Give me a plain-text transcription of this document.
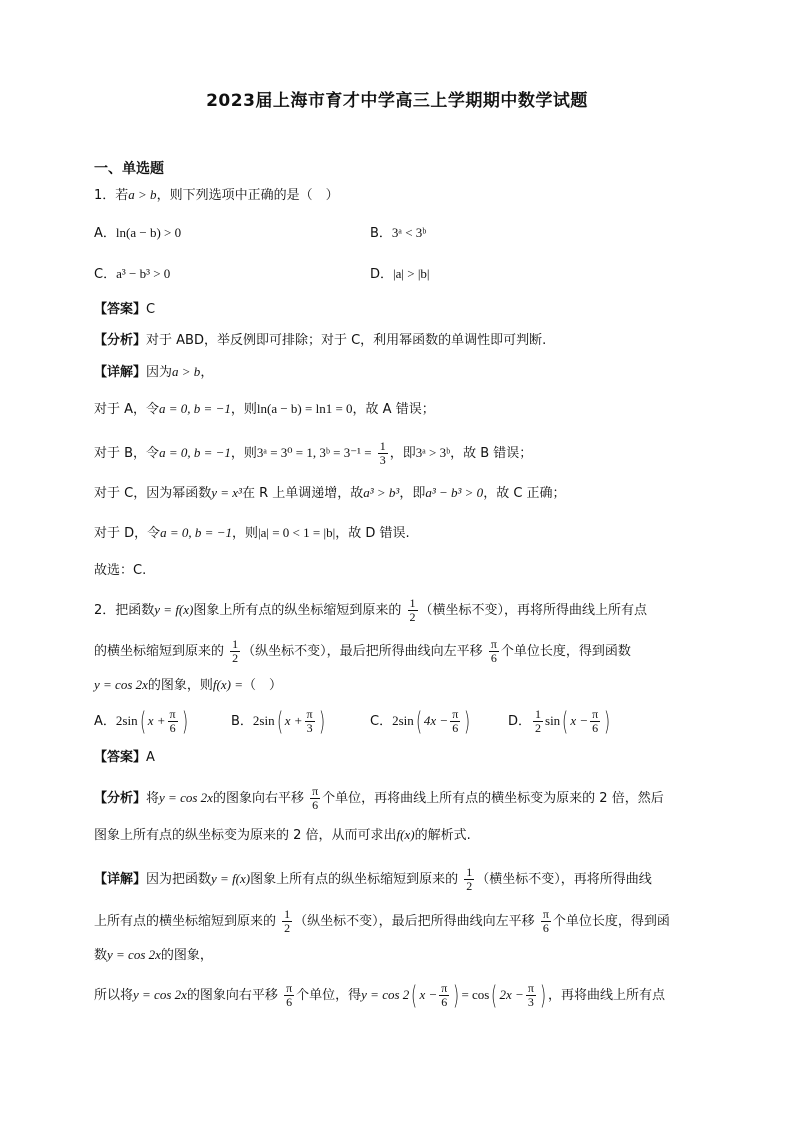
2023届上海市育才中学高三上学期期中数学试题
一、单选题
1．若a > b，则下列选项中正确的是（　）
A．ln(a − b) > 0	B．3ᵃ < 3ᵇ
C．a³ − b³ > 0	D．|a| > |b|
【答案】C
【分析】对于 ABD，举反例即可排除；对于 C，利用幂函数的单调性即可判断.
【详解】因为a > b，
对于 A，令a = 0, b = −1，则ln(a − b) = ln1 = 0，故 A 错误；
对于 B，令a = 0, b = −1，则3ᵃ = 3⁰ = 1, 3ᵇ = $3^{-1} = \frac{1}{3}$ ，即3ᵃ > 3ᵇ，故 B 错误；
对于 C，因为幂函数y = x³在 R 上单调递增，故a³ > b³，即a³ − b³ > 0，故 C 正确；
对于 D，令a = 0, b = −1，则|a| = 0 < 1 = |b|，故 D 错误.
故选：C.
2．把函数y = f(x)图象上所有点的纵坐标缩短到原来的 $\frac{1}{2}$ （横坐标不变），再将所得曲线上所有点
的横坐标缩短到原来的 $\frac{1}{2}$ （纵坐标不变），最后把所得曲线向左平移 $\frac{\pi}{6}$ 个单位长度，得到函数
y = cos 2x的图象，则f(x) =（　）
A．2sin( $x + \frac{\pi}{6}$ )	B．2sin( $x + \frac{\pi}{3}$ )	C．2sin( $4x - \frac{\pi}{6}$ )	D． $\frac{1}{2} \sin$( $x - \frac{\pi}{6}$ )
【答案】A
【分析】将y = cos 2x的图象向右平移 $\frac{\pi}{6}$ 个单位，再将曲线上所有点的横坐标变为原来的 2 倍，然后
图象上所有点的纵坐标变为原来的 2 倍，从而可求出f(x)的解析式.
【详解】因为把函数y = f(x)图象上所有点的纵坐标缩短到原来的 $\frac{1}{2}$ （横坐标不变），再将所得曲线
上所有点的横坐标缩短到原来的 $\frac{1}{2}$ （纵坐标不变），最后把所得曲线向左平移 $\frac{\pi}{6}$ 个单位长度，得到函
数y = cos 2x的图象，
所以将y = cos 2x的图象向右平移 $\frac{\pi}{6}$ 个单位，得y = cos 2( $x - \frac{\pi}{6}$ ) = cos( $2x - \frac{\pi}{3}$ ) ，再将曲线上所有点
